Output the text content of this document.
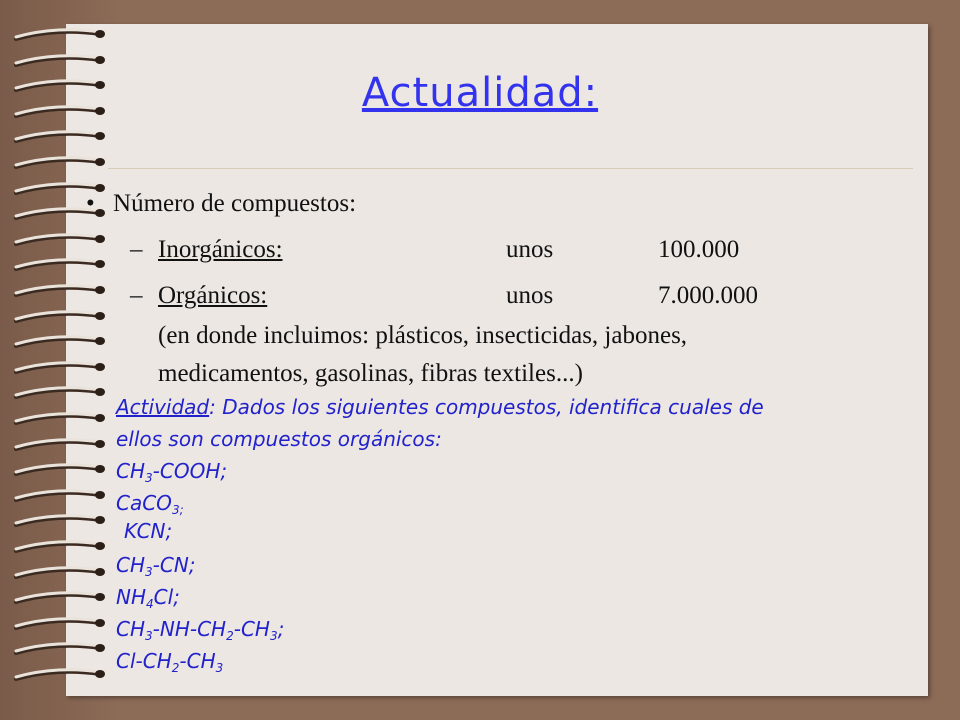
Actualidad:
• Número de compuestos:
– Inorgánicos:	unos	100.000
– Orgánicos:	unos	7.000.000
(en donde incluimos: plásticos, insecticidas, jabones,
medicamentos, gasolinas, fibras textiles...)
Actividad: Dados los siguientes compuestos, identifica cuales de
ellos son compuestos orgánicos:
$CH_3$-COOH;
CaCO$_{3;}$
KCN;
$CH_3-CN$;
$NH_4Cl$;
$CH_3-NH-CH_2-CH_3$;
$Cl-CH_2-CH_3$
